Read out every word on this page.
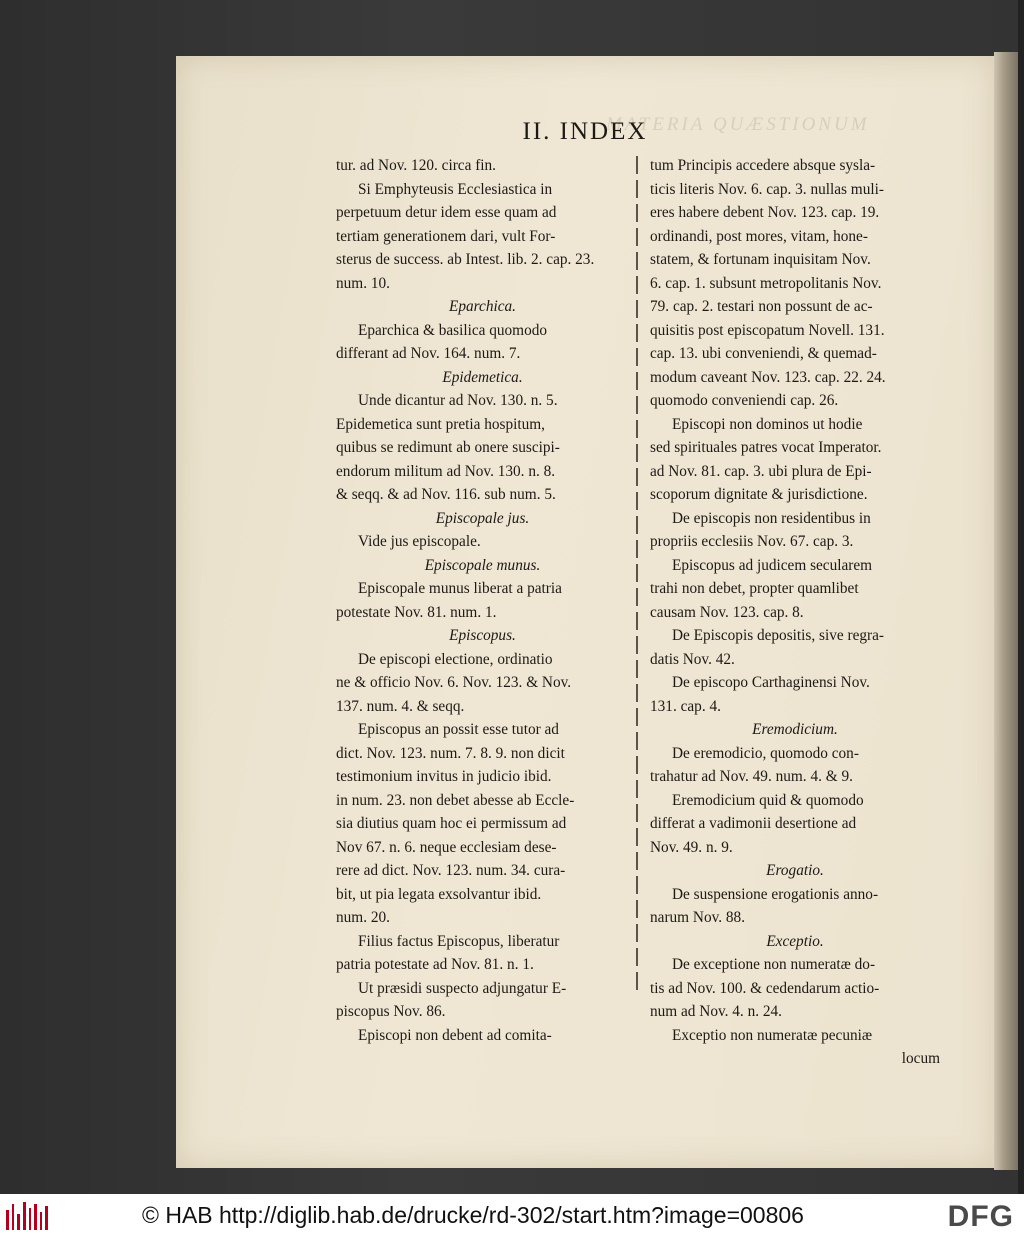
MATERIA QUÆSTIONUM
II. INDEX
tur. ad Nov. 120. circa fin.
Si Emphyteusis Ecclesiastica in
perpetuum detur idem esse quam ad
tertiam generationem dari, vult For-
sterus de success. ab Intest. lib. 2. cap. 23.
num. 10.
Eparchica.
Eparchica & basilica quomodo
differant ad Nov. 164. num. 7.
Epidemetica.
Unde dicantur ad Nov. 130. n. 5.
Epidemetica sunt pretia hospitum,
quibus se redimunt ab onere suscipi-
endorum militum ad Nov. 130. n. 8.
& seqq. & ad Nov. 116. sub num. 5.
Episcopale jus.
Vide jus episcopale.
Episcopale munus.
Episcopale munus liberat a patria
potestate Nov. 81. num. 1.
Episcopus.
De episcopi electione, ordinatio
ne & officio Nov. 6. Nov. 123. & Nov.
137. num. 4. & seqq.
Episcopus an possit esse tutor ad
dict. Nov. 123. num. 7. 8. 9. non dicit
testimonium invitus in judicio ibid.
in num. 23. non debet abesse ab Eccle-
sia diutius quam hoc ei permissum ad
Nov 67. n. 6. neque ecclesiam dese-
rere ad dict. Nov. 123. num. 34. cura-
bit, ut pia legata exsolvantur ibid.
num. 20.
Filius factus Episcopus, liberatur
patria potestate ad Nov. 81. n. 1.
Ut præsidi suspecto adjungatur E-
piscopus Nov. 86.
Episcopi non debent ad comita-
tum Principis accedere absque sysla-
ticis literis Nov. 6. cap. 3. nullas muli-
eres habere debent Nov. 123. cap. 19.
ordinandi, post mores, vitam, hone-
statem, & fortunam inquisitam Nov.
6. cap. 1. subsunt metropolitanis Nov.
79. cap. 2. testari non possunt de ac-
quisitis post episcopatum Novell. 131.
cap. 13. ubi conveniendi, & quemad-
modum caveant Nov. 123. cap. 22. 24.
quomodo conveniendi cap. 26.
Episcopi non dominos ut hodie
sed spirituales patres vocat Imperator.
ad Nov. 81. cap. 3. ubi plura de Epi-
scoporum dignitate & jurisdictione.
De episcopis non residentibus in
propriis ecclesiis Nov. 67. cap. 3.
Episcopus ad judicem secularem
trahi non debet, propter quamlibet
causam Nov. 123. cap. 8.
De Episcopis depositis, sive regra-
datis Nov. 42.
De episcopo Carthaginensi Nov.
131. cap. 4.
Eremodicium.
De eremodicio, quomodo con-
trahatur ad Nov. 49. num. 4. & 9.
Eremodicium quid & quomodo
differat a vadimonii desertione ad
Nov. 49. n. 9.
Erogatio.
De suspensione erogationis anno-
narum Nov. 88.
Exceptio.
De exceptione non numeratæ do-
tis ad Nov. 100. & cedendarum actio-
num ad Nov. 4. n. 24.
Exceptio non numeratæ pecuniæ
locum
© HAB http://diglib.hab.de/drucke/rd-302/start.htm?image=00806	DFG
